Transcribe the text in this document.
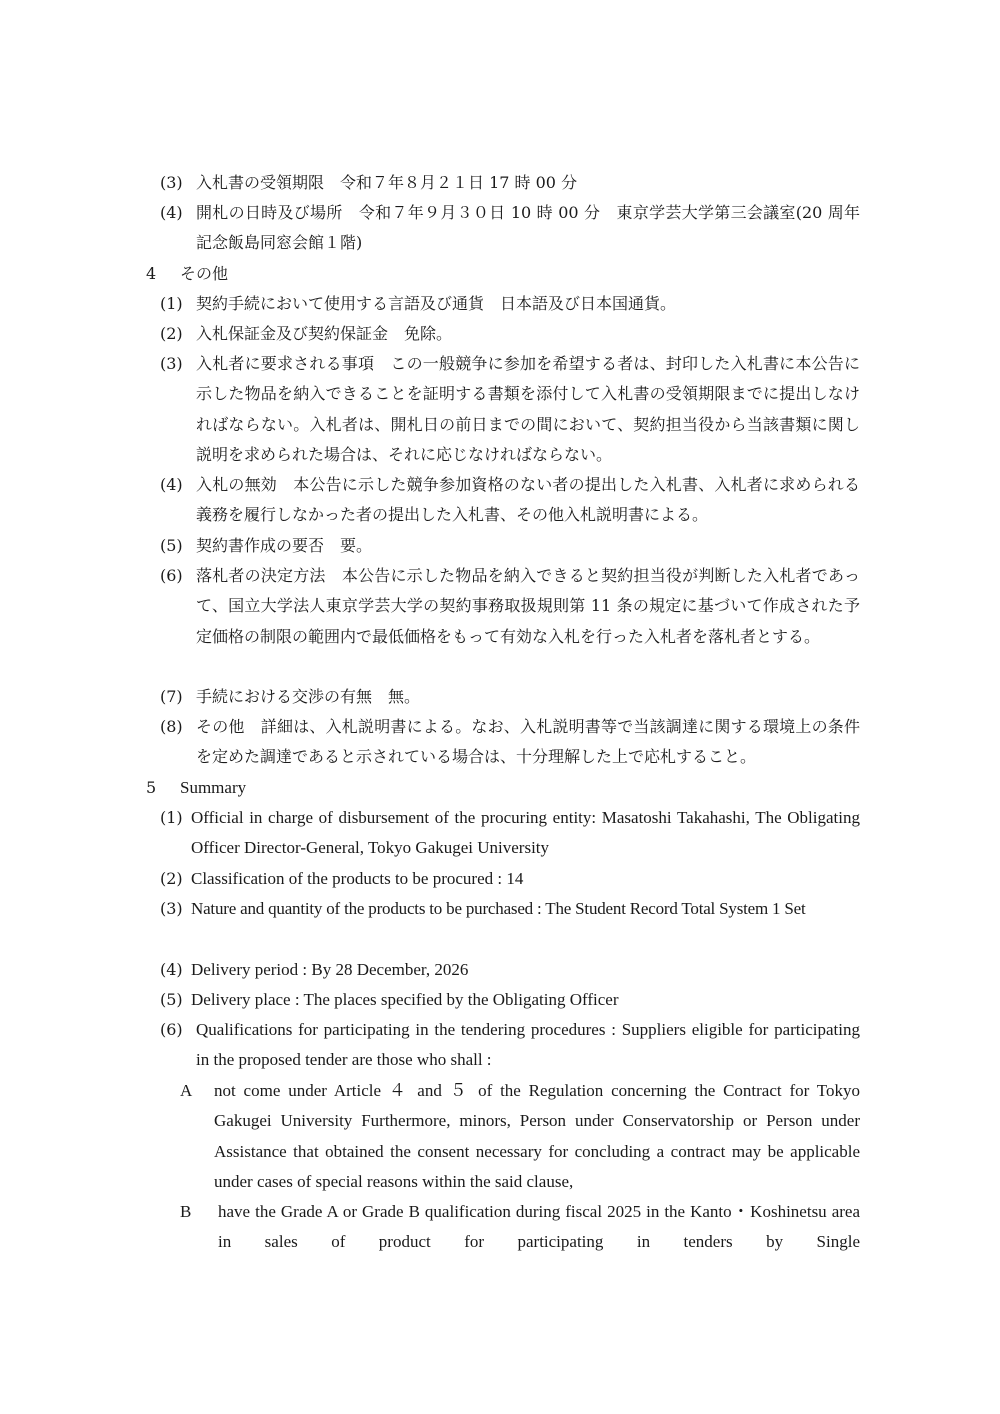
(3) 入札書の受領期限　令和７年８月２１日 17 時 00 分
(4) 開札の日時及び場所　令和７年９月３０日 10 時 00 分　東京学芸大学第三会議室(20 周年記念飯島同窓会館１階)
4 その他
(1) 契約手続において使用する言語及び通貨　日本語及び日本国通貨。
(2) 入札保証金及び契約保証金　免除。
(3) 入札者に要求される事項　この一般競争に参加を希望する者は、封印した入札書に本公告に示した物品を納入できることを証明する書類を添付して入札書の受領期限までに提出しなければならない。入札者は、開札日の前日までの間において、契約担当役から当該書類に関し説明を求められた場合は、それに応じなければならない。
(4) 入札の無効　本公告に示した競争参加資格のない者の提出した入札書、入札者に求められる義務を履行しなかった者の提出した入札書、その他入札説明書による。
(5) 契約書作成の要否　要。
(6) 落札者の決定方法　本公告に示した物品を納入できると契約担当役が判断した入札者であって、国立大学法人東京学芸大学の契約事務取扱規則第 11 条の規定に基づいて作成された予定価格の制限の範囲内で最低価格をもって有効な入札を行った入札者を落札者とする。
(7) 手続における交渉の有無　無。
(8) その他　詳細は、入札説明書による。なお、入札説明書等で当該調達に関する環境上の条件を定めた調達であると示されている場合は、十分理解した上で応札すること。
5 Summary
(1) Official in charge of disbursement of the procuring entity: Masatoshi Takahashi, The Obligating Officer Director-General, Tokyo Gakugei University
(2) Classification of the products to be procured : 14
(3) Nature and quantity of the products to be purchased : The Student Record Total System 1 Set
(4) Delivery period : By 28 December, 2026
(5) Delivery place : The places specified by the Obligating Officer
(6) Qualifications for participating in the tendering procedures : Suppliers eligible for participating in the proposed tender are those who shall :
A not come under Article ４ and ５ of the Regulation concerning the Contract for Tokyo Gakugei University Furthermore, minors, Person under Conservatorship or Person under Assistance that obtained the consent necessary for concluding a contract may be applicable under cases of special reasons within the said clause,
B have the Grade A or Grade B qualification during fiscal 2025 in the Kanto・Koshinetsu area in sales of product for participating in tenders by Single
